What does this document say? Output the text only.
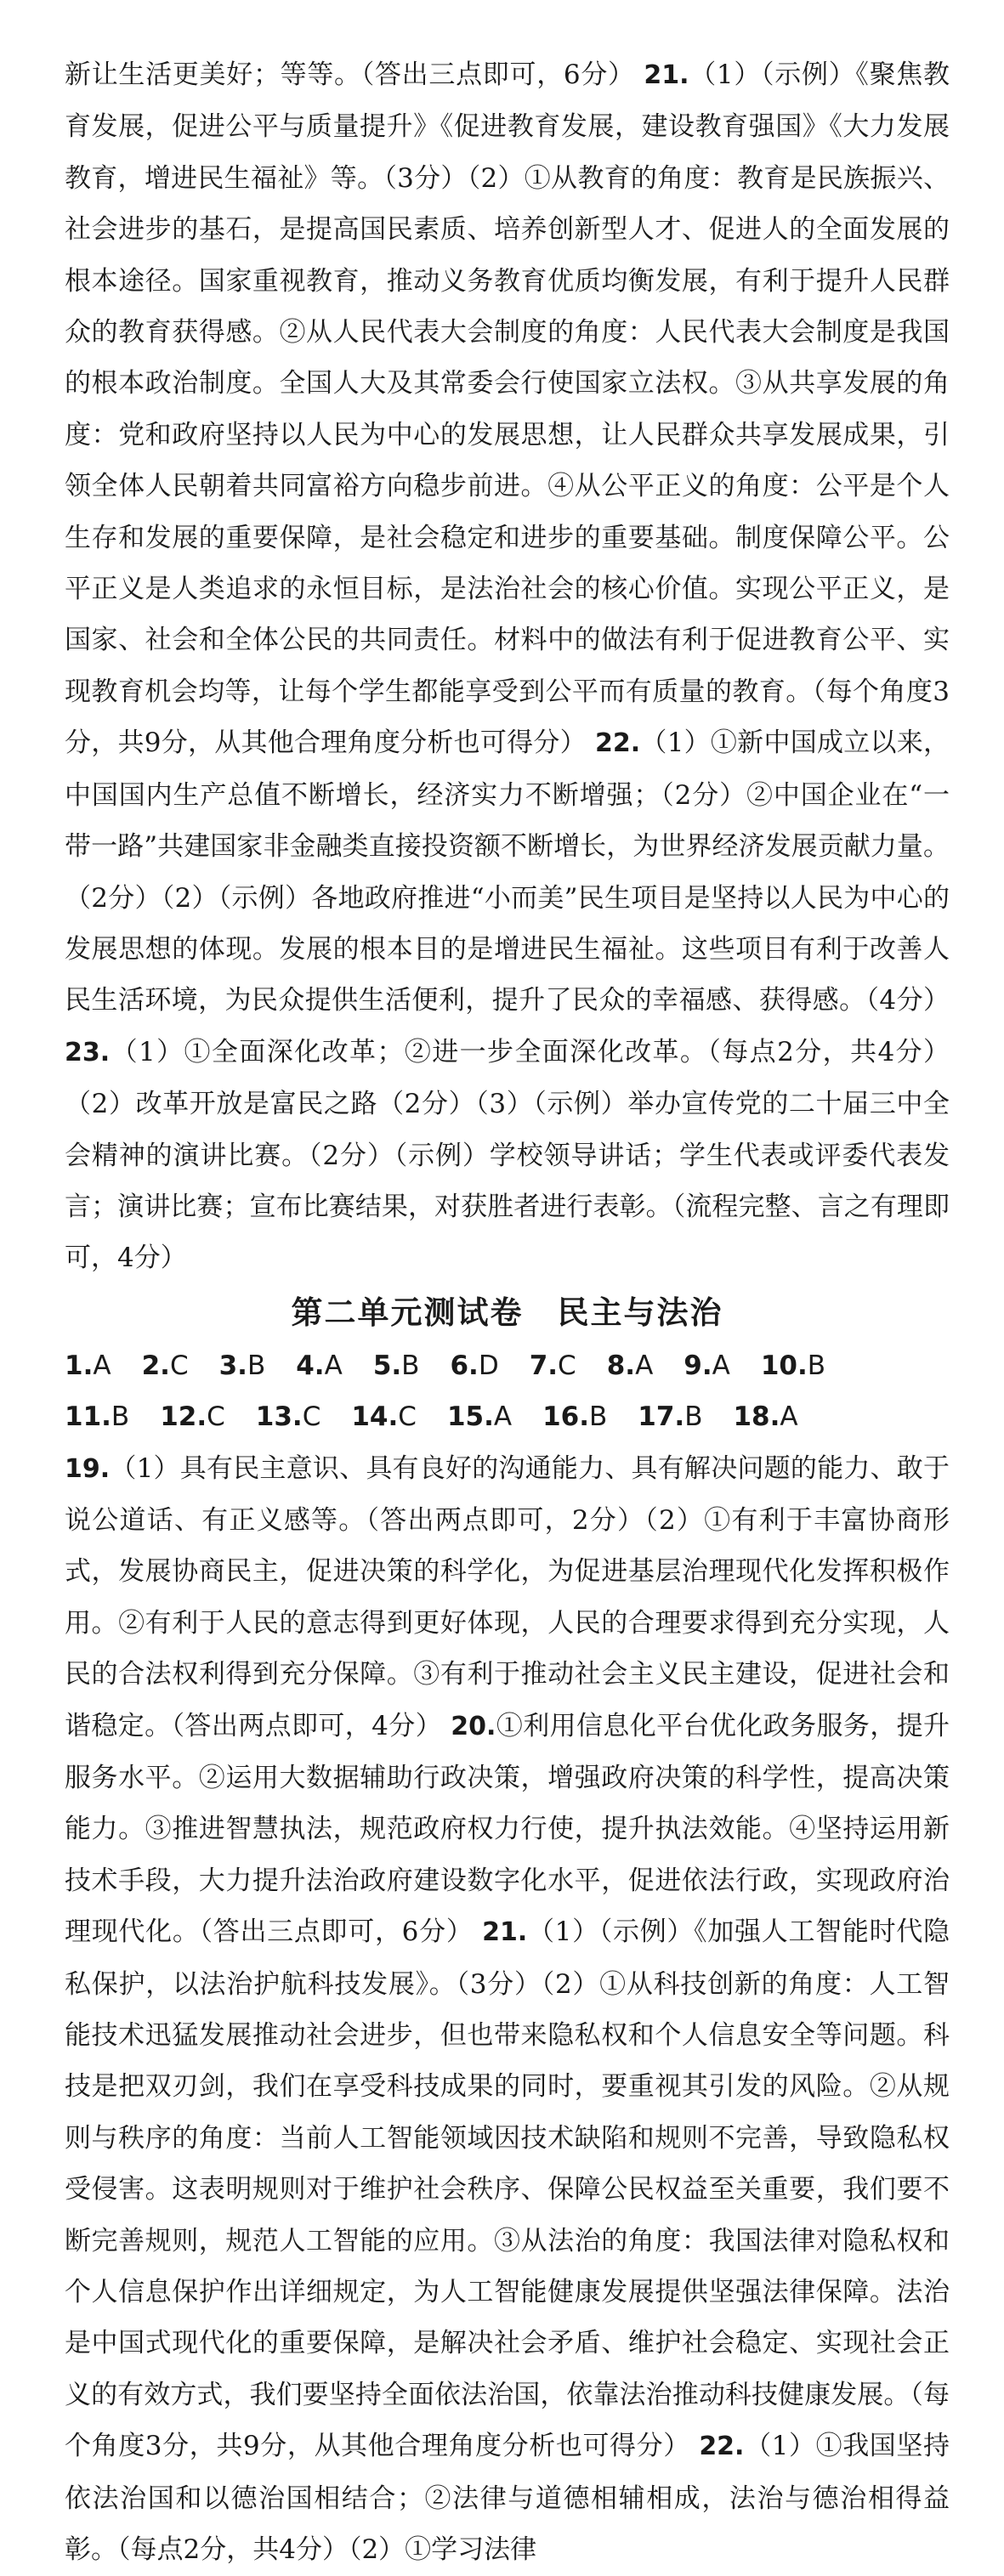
新让生活更美好；等等。（答出三点即可，6分） 21.（1）（示例）《聚焦教育发展，促进公平与质量提升》《促进教育发展，建设教育强国》《大力发展教育，增进民生福祉》等。（3分）（2）①从教育的角度：教育是民族振兴、社会进步的基石，是提高国民素质、培养创新型人才、促进人的全面发展的根本途径。国家重视教育，推动义务教育优质均衡发展，有利于提升人民群众的教育获得感。②从人民代表大会制度的角度：人民代表大会制度是我国的根本政治制度。全国人大及其常委会行使国家立法权。③从共享发展的角度：党和政府坚持以人民为中心的发展思想，让人民群众共享发展成果，引领全体人民朝着共同富裕方向稳步前进。④从公平正义的角度：公平是个人生存和发展的重要保障，是社会稳定和进步的重要基础。制度保障公平。公平正义是人类追求的永恒目标，是法治社会的核心价值。实现公平正义，是国家、社会和全体公民的共同责任。材料中的做法有利于促进教育公平、实现教育机会均等，让每个学生都能享受到公平而有质量的教育。（每个角度3分，共9分，从其他合理角度分析也可得分） 22.（1）①新中国成立以来，中国国内生产总值不断增长，经济实力不断增强；（2分）②中国企业在“一带一路”共建国家非金融类直接投资额不断增长，为世界经济发展贡献力量。（2分）（2）（示例）各地政府推进“小而美”民生项目是坚持以人民为中心的发展思想的体现。发展的根本目的是增进民生福祉。这些项目有利于改善人民生活环境，为民众提供生活便利，提升了民众的幸福感、获得感。（4分） 23.（1）①全面深化改革；②进一步全面深化改革。（每点2分，共4分）（2）改革开放是富民之路（2分）（3）（示例）举办宣传党的二十届三中全会精神的演讲比赛。（2分）（示例）学校领导讲话；学生代表或评委代表发言；演讲比赛；宣布比赛结果，对获胜者进行表彰。（流程完整、言之有理即可，4分）

第二单元测试卷 民主与法治
1.A 2.C 3.B 4.A 5.B 6.D 7.C 8.A 9.A 10.B
11.B 12.C 13.C 14.C 15.A 16.B 17.B 18.A

19.（1）具有民主意识、具有良好的沟通能力、具有解决问题的能力、敢于说公道话、有正义感等。（答出两点即可，2分）（2）①有利于丰富协商形式，发展协商民主，促进决策的科学化，为促进基层治理现代化发挥积极作用。②有利于人民的意志得到更好体现，人民的合理要求得到充分实现，人民的合法权利得到充分保障。③有利于推动社会主义民主建设，促进社会和谐稳定。（答出两点即可，4分） 20.①利用信息化平台优化政务服务，提升服务水平。②运用大数据辅助行政决策，增强政府决策的科学性，提高决策能力。③推进智慧执法，规范政府权力行使，提升执法效能。④坚持运用新技术手段，大力提升法治政府建设数字化水平，促进依法行政，实现政府治理现代化。（答出三点即可，6分） 21.（1）（示例）《加强人工智能时代隐私保护，以法治护航科技发展》。（3分）（2）①从科技创新的角度：人工智能技术迅猛发展推动社会进步，但也带来隐私权和个人信息安全等问题。科技是把双刃剑，我们在享受科技成果的同时，要重视其引发的风险。②从规则与秩序的角度：当前人工智能领域因技术缺陷和规则不完善，导致隐私权受侵害。这表明规则对于维护社会秩序、保障公民权益至关重要，我们要不断完善规则，规范人工智能的应用。③从法治的角度：我国法律对隐私权和个人信息保护作出详细规定，为人工智能健康发展提供坚强法律保障。法治是中国式现代化的重要保障，是解决社会矛盾、维护社会稳定、实现社会正义的有效方式，我们要坚持全面依法治国，依靠法治推动科技健康发展。（每个角度3分，共9分，从其他合理角度分析也可得分） 22.（1）①我国坚持依法治国和以德治国相结合；②法律与道德相辅相成，法治与德治相得益彰。（每点2分，共4分）（2）①学习法律
